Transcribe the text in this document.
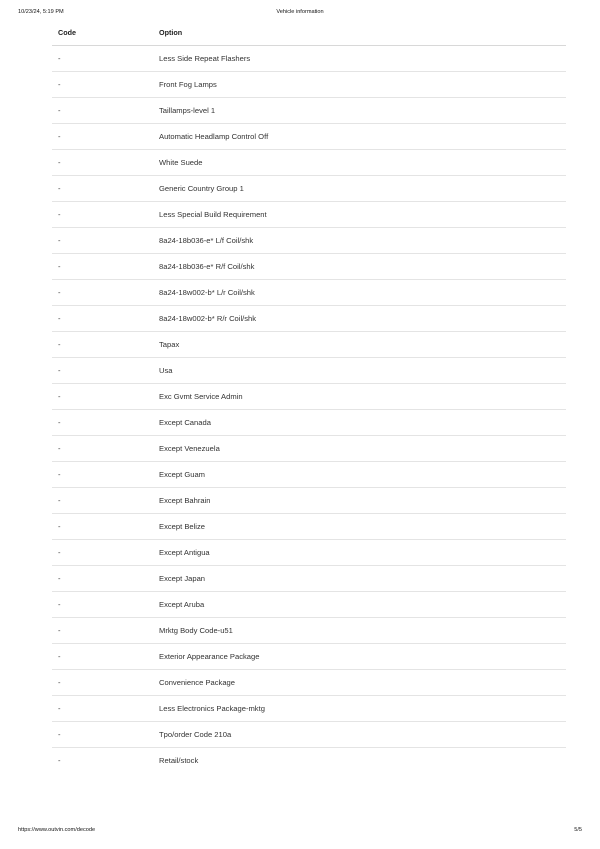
10/23/24, 5:19 PM	Vehicle information
Code	Option
-	Less Side Repeat Flashers
-	Front Fog Lamps
-	Taillamps-level 1
-	Automatic Headlamp Control Off
-	White Suede
-	Generic Country Group 1
-	Less Special Build Requirement
-	8a24-18b036-e* L/f Coil/shk
-	8a24-18b036-e* R/f Coil/shk
-	8a24-18w002-b* L/r Coil/shk
-	8a24-18w002-b* R/r Coil/shk
-	Tapax
-	Usa
-	Exc Gvmt Service Admin
-	Except Canada
-	Except Venezuela
-	Except Guam
-	Except Bahrain
-	Except Belize
-	Except Antigua
-	Except Japan
-	Except Aruba
-	Mrktg Body Code-u51
-	Exterior Appearance Package
-	Convenience Package
-	Less Electronics Package-mktg
-	Tpo/order Code 210a
-	Retail/stock
https://www.outvin.com/decode	5/5
